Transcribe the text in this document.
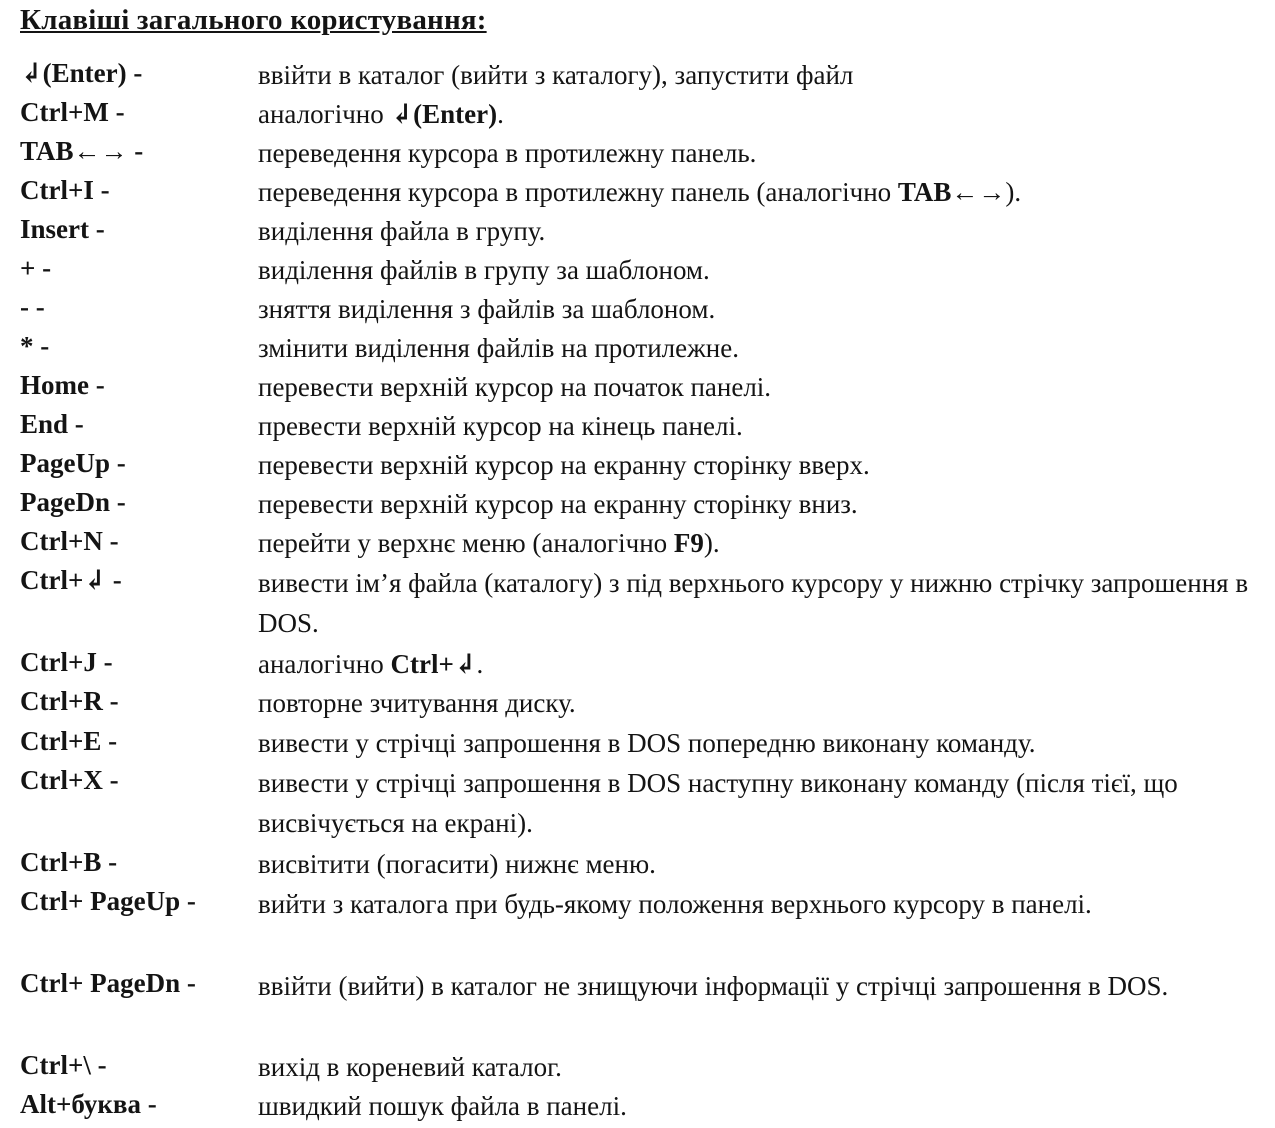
Клавіші загального користування:
↲(Enter) -	ввійти в каталог (вийти з каталогу), запустити файл
Ctrl+M -	аналогічно ↲(Enter).
TAB←→ -	переведення курсора в протилежну панель.
Ctrl+I -	переведення курсора в протилежну панель (аналогічно TAB←→).
Insert -	виділення файла в групу.
+ -	виділення файлів в групу за шаблоном.
- -	зняття виділення з файлів за шаблоном.
* -	змінити виділення файлів на протилежне.
Home -	перевести верхній курсор на початок панелі.
End -	превести верхній курсор на кінець панелі.
PageUp -	перевести верхній курсор на екранну сторінку вверх.
PageDn -	перевести верхній курсор на екранну сторінку вниз.
Ctrl+N -	перейти у верхнє меню (аналогічно F9).
Ctrl+↲ -	вивести ім’я файла (каталогу) з під верхнього курсору у нижню стрічку запрошення в DOS.
Ctrl+J -	аналогічно Ctrl+↲.
Ctrl+R -	повторне зчитування диску.
Ctrl+E -	вивести у стрічці запрошення в DOS попередню виконану команду.
Ctrl+X -	вивести у стрічці запрошення в DOS наступну виконану команду (після тієї, що висвічується на екрані).
Ctrl+B -	висвітити (погасити) нижнє меню.
Ctrl+ PageUp - вийти з каталога при будь-якому положення верхнього курсору в панелі.
Ctrl+ PageDn - ввійти (вийти) в каталог не знищуючи інформації у стрічці запрошення в DOS.
Ctrl+\ -	вихід в кореневий каталог.
Alt+буква -	швидкий пошук файла в панелі.
